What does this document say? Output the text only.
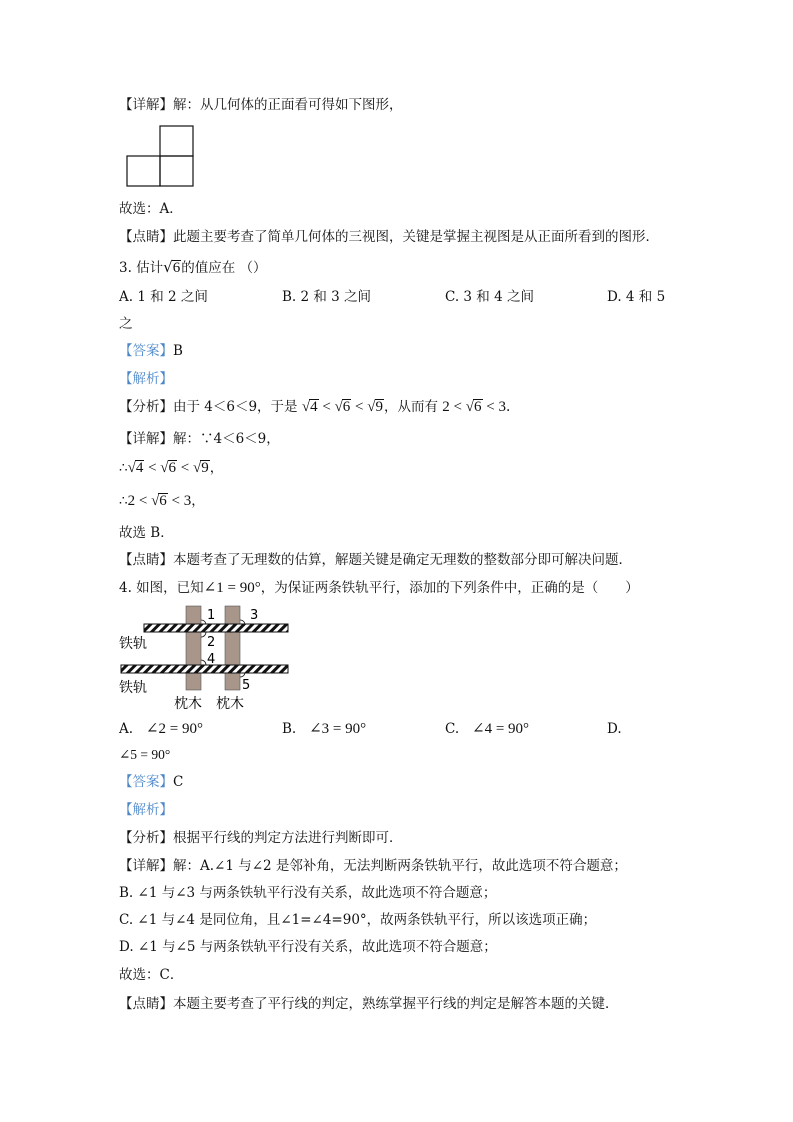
【详解】解：从几何体的正面看可得如下图形，
故选：A．
【点睛】此题主要考查了简单几何体的三视图，关键是掌握主视图是从正面所看到的图形．
3. 估计√6的值应在 （）
A. 1 和 2 之间	B. 2 和 3 之间	C. 3 和 4 之间	D. 4 和 5
之
【答案】B
【解析】
【分析】由于 4＜6＜9，于是 √4 < √6 < √9，从而有 2 < √6 < 3.
【详解】解：∵4＜6＜9，
∴√4 < √6 < √9，
∴2 < √6 < 3，
故选 B．
【点睛】本题考查了无理数的估算，解题关键是确定无理数的整数部分即可解决问题．
4. 如图，已知∠1 = 90°，为保证两条铁轨平行，添加的下列条件中，正确的是（　　）
1	3
2
4
5
铁轨
铁轨
枕木 枕木
A. ∠2 = 90°	B. ∠3 = 90°	C. ∠4 = 90°	D.
∠5 = 90°
【答案】C
【解析】
【分析】根据平行线的判定方法进行判断即可．
【详解】解：A.∠1 与∠2 是邻补角，无法判断两条铁轨平行，故此选项不符合题意；
B. ∠1 与∠3 与两条铁轨平行没有关系，故此选项不符合题意；
C. ∠1 与∠4 是同位角，且∠1=∠4=90°，故两条铁轨平行，所以该选项正确；
D. ∠1 与∠5 与两条铁轨平行没有关系，故此选项不符合题意；
故选：C．
【点睛】本题主要考查了平行线的判定，熟练掌握平行线的判定是解答本题的关键．
